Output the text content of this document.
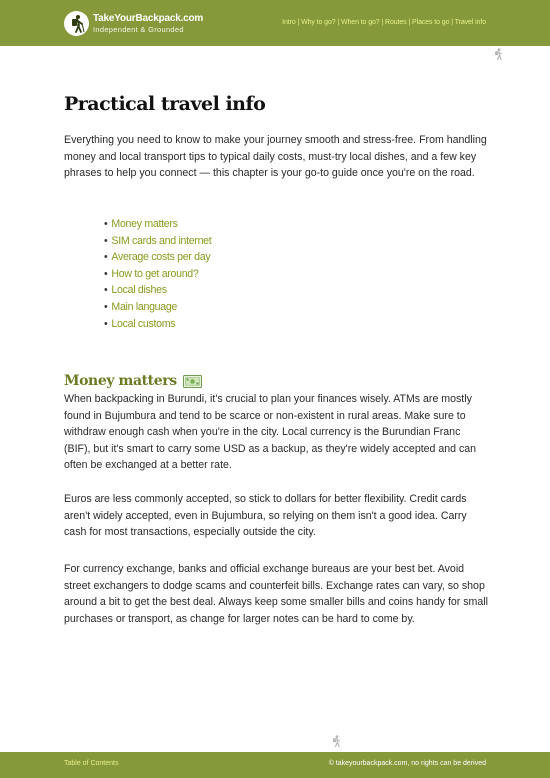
TakeYourBackpack.com
Independent & Grounded
Intro | Why to go? | When to go? | Routes | Places to go | Travel info
Practical travel info

Everything you need to know to make your journey smooth and stress-free. From handling money and local transport tips to typical daily costs, must-try local dishes, and a few key phrases to help you connect — this chapter is your go-to guide once you're on the road.

• Money matters
• SIM cards and internet
• Average costs per day
• How to get around?
• Local dishes
• Main language
• Local customs
Money matters

When backpacking in Burundi, it's crucial to plan your finances wisely. ATMs are mostly found in Bujumbura and tend to be scarce or non-existent in rural areas. Make sure to withdraw enough cash when you're in the city. Local currency is the Burundian Franc (BIF), but it's smart to carry some USD as a backup, as they're widely accepted and can often be exchanged at a better rate.

Euros are less commonly accepted, so stick to dollars for better flexibility. Credit cards aren't widely accepted, even in Bujumbura, so relying on them isn't a good idea. Carry cash for most transactions, especially outside the city.

For currency exchange, banks and official exchange bureaus are your best bet. Avoid street exchangers to dodge scams and counterfeit bills. Exchange rates can vary, so shop around a bit to get the best deal. Always keep some smaller bills and coins handy for small purchases or transport, as change for larger notes can be hard to come by.

Table of Contents	© takeyourbackpack.com, no rights can be derived
